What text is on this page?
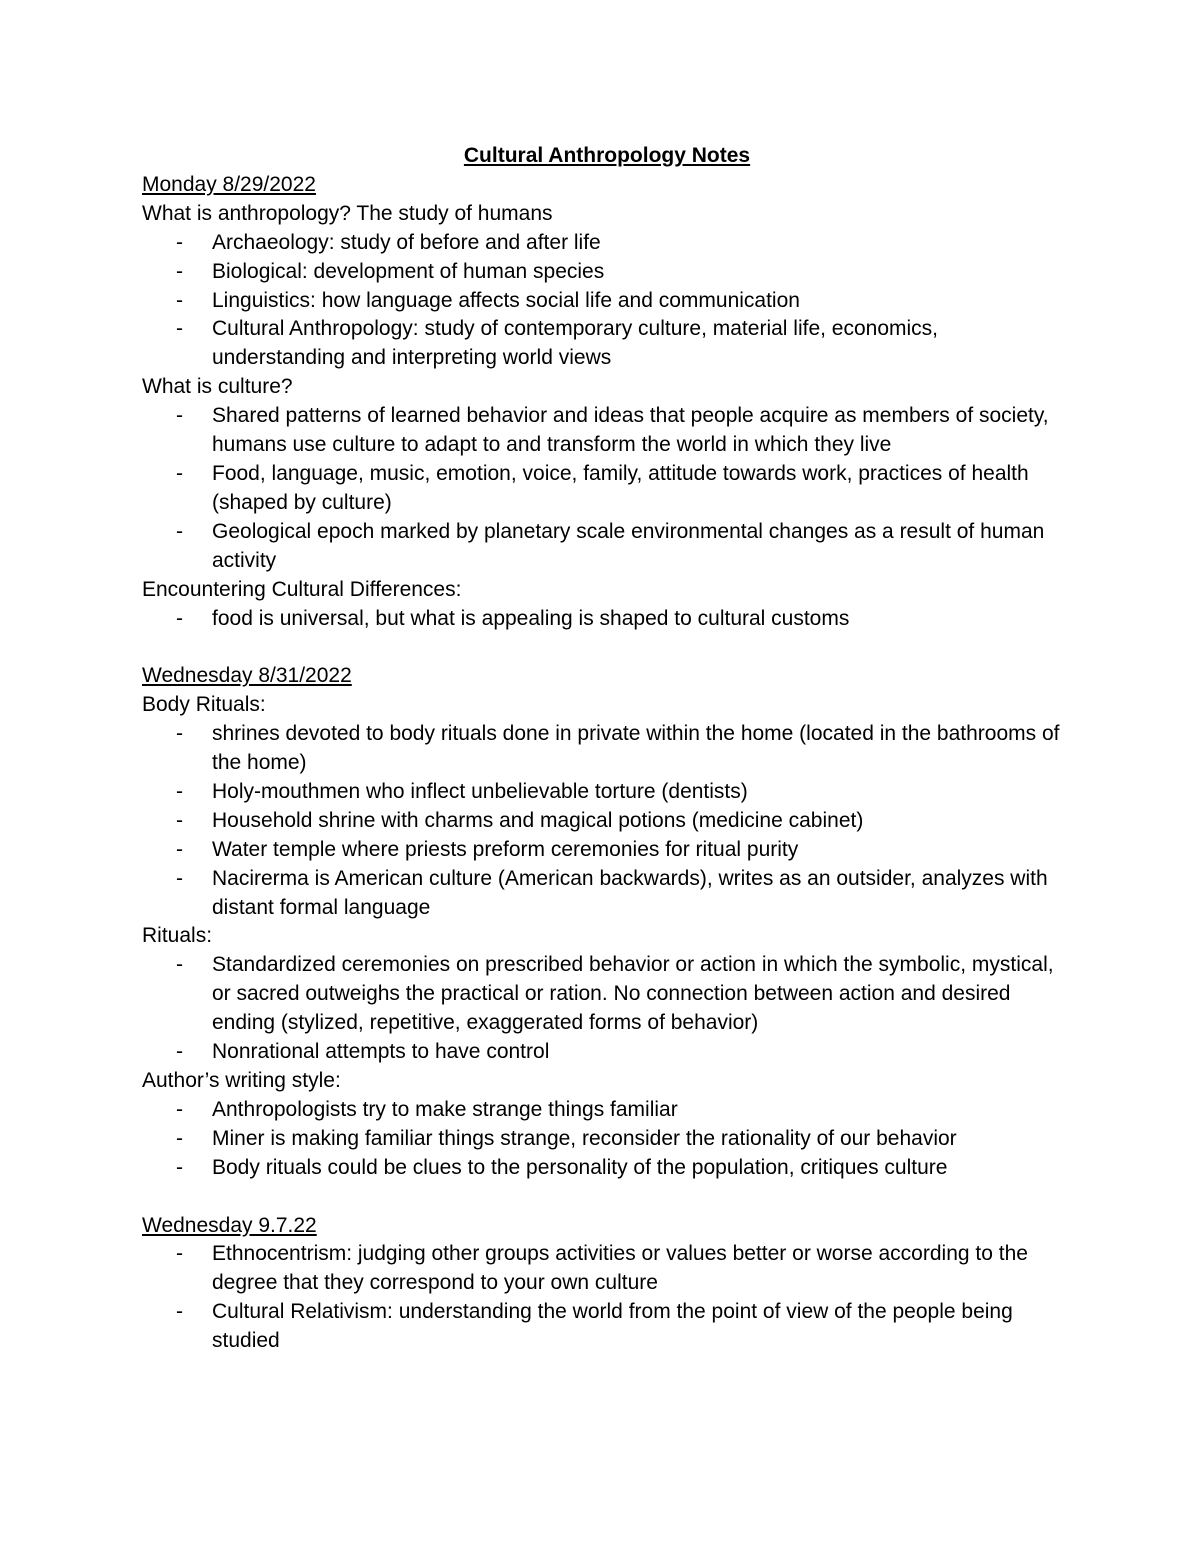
Cultural Anthropology Notes

Monday 8/29/2022

What is anthropology? The study of humans

- Archaeology: study of before and after life
- Biological: development of human species
- Linguistics: how language affects social life and communication
- Cultural Anthropology: study of contemporary culture, material life, economics, understanding and interpreting world views

What is culture?

- Shared patterns of learned behavior and ideas that people acquire as members of society, humans use culture to adapt to and transform the world in which they live
- Food, language, music, emotion, voice, family, attitude towards work, practices of health (shaped by culture)
- Geological epoch marked by planetary scale environmental changes as a result of human activity

Encountering Cultural Differences:

- food is universal, but what is appealing is shaped to cultural customs

Wednesday 8/31/2022

Body Rituals:

- shrines devoted to body rituals done in private within the home (located in the bathrooms of the home)
- Holy-mouthmen who inflect unbelievable torture (dentists)
- Household shrine with charms and magical potions (medicine cabinet)
- Water temple where priests preform ceremonies for ritual purity
- Nacirerma is American culture (American backwards), writes as an outsider, analyzes with distant formal language

Rituals:

- Standardized ceremonies on prescribed behavior or action in which the symbolic, mystical, or sacred outweighs the practical or ration. No connection between action and desired ending (stylized, repetitive, exaggerated forms of behavior)
- Nonrational attempts to have control

Author’s writing style:

- Anthropologists try to make strange things familiar
- Miner is making familiar things strange, reconsider the rationality of our behavior
- Body rituals could be clues to the personality of the population, critiques culture

Wednesday 9.7.22

- Ethnocentrism: judging other groups activities or values better or worse according to the degree that they correspond to your own culture
- Cultural Relativism: understanding the world from the point of view of the people being studied
